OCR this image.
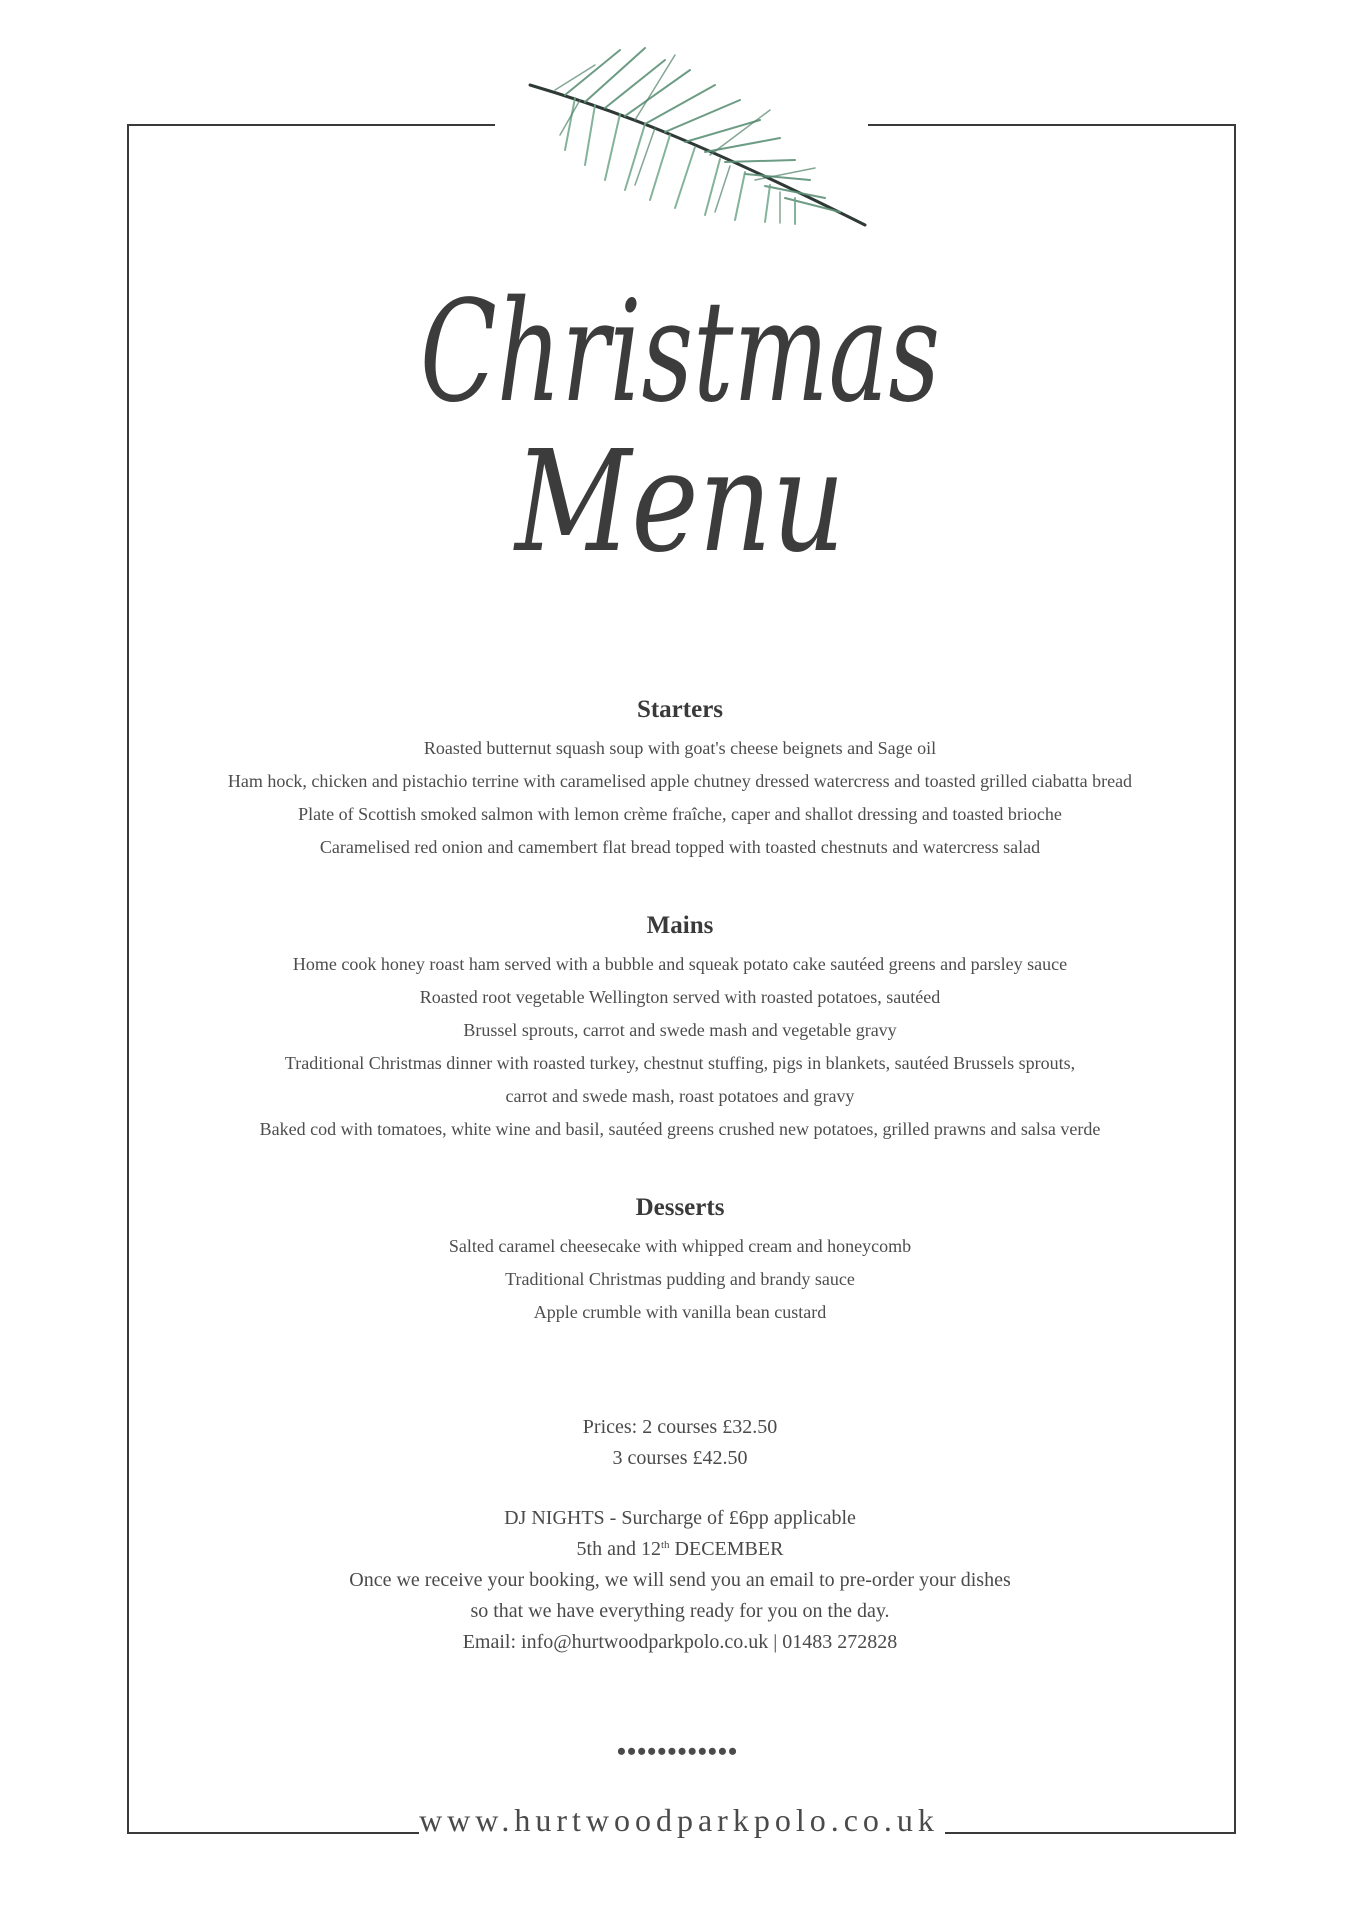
Christmas
Menu
Starters

Roasted butternut squash soup with goat's cheese beignets and Sage oil

Ham hock, chicken and pistachio terrine with caramelised apple chutney dressed watercress and toasted grilled ciabatta bread

Plate of Scottish smoked salmon with lemon crème fraîche, caper and shallot dressing and toasted brioche

Caramelised red onion and camembert flat bread topped with toasted chestnuts and watercress salad

Mains

Home cook honey roast ham served with a bubble and squeak potato cake sautéed greens and parsley sauce

Roasted root vegetable Wellington served with roasted potatoes, sautéed

Brussel sprouts, carrot and swede mash and vegetable gravy

Traditional Christmas dinner with roasted turkey, chestnut stuffing, pigs in blankets, sautéed Brussels sprouts,

carrot and swede mash, roast potatoes and gravy

Baked cod with tomatoes, white wine and basil, sautéed greens crushed new potatoes, grilled prawns and salsa verde

Desserts

Salted caramel cheesecake with whipped cream and honeycomb

Traditional Christmas pudding and brandy sauce

Apple crumble with vanilla bean custard

Prices: 2 courses £32.50

3 courses £42.50

DJ NIGHTS - Surcharge of £6pp applicable

5th and 12th DECEMBER

Once we receive your booking, we will send you an email to pre-order your dishes

so that we have everything ready for you on the day.

Email: info@hurtwoodparkpolo.co.uk | 01483 272828

••••••••••••
www.hurtwoodparkpolo.co.uk
